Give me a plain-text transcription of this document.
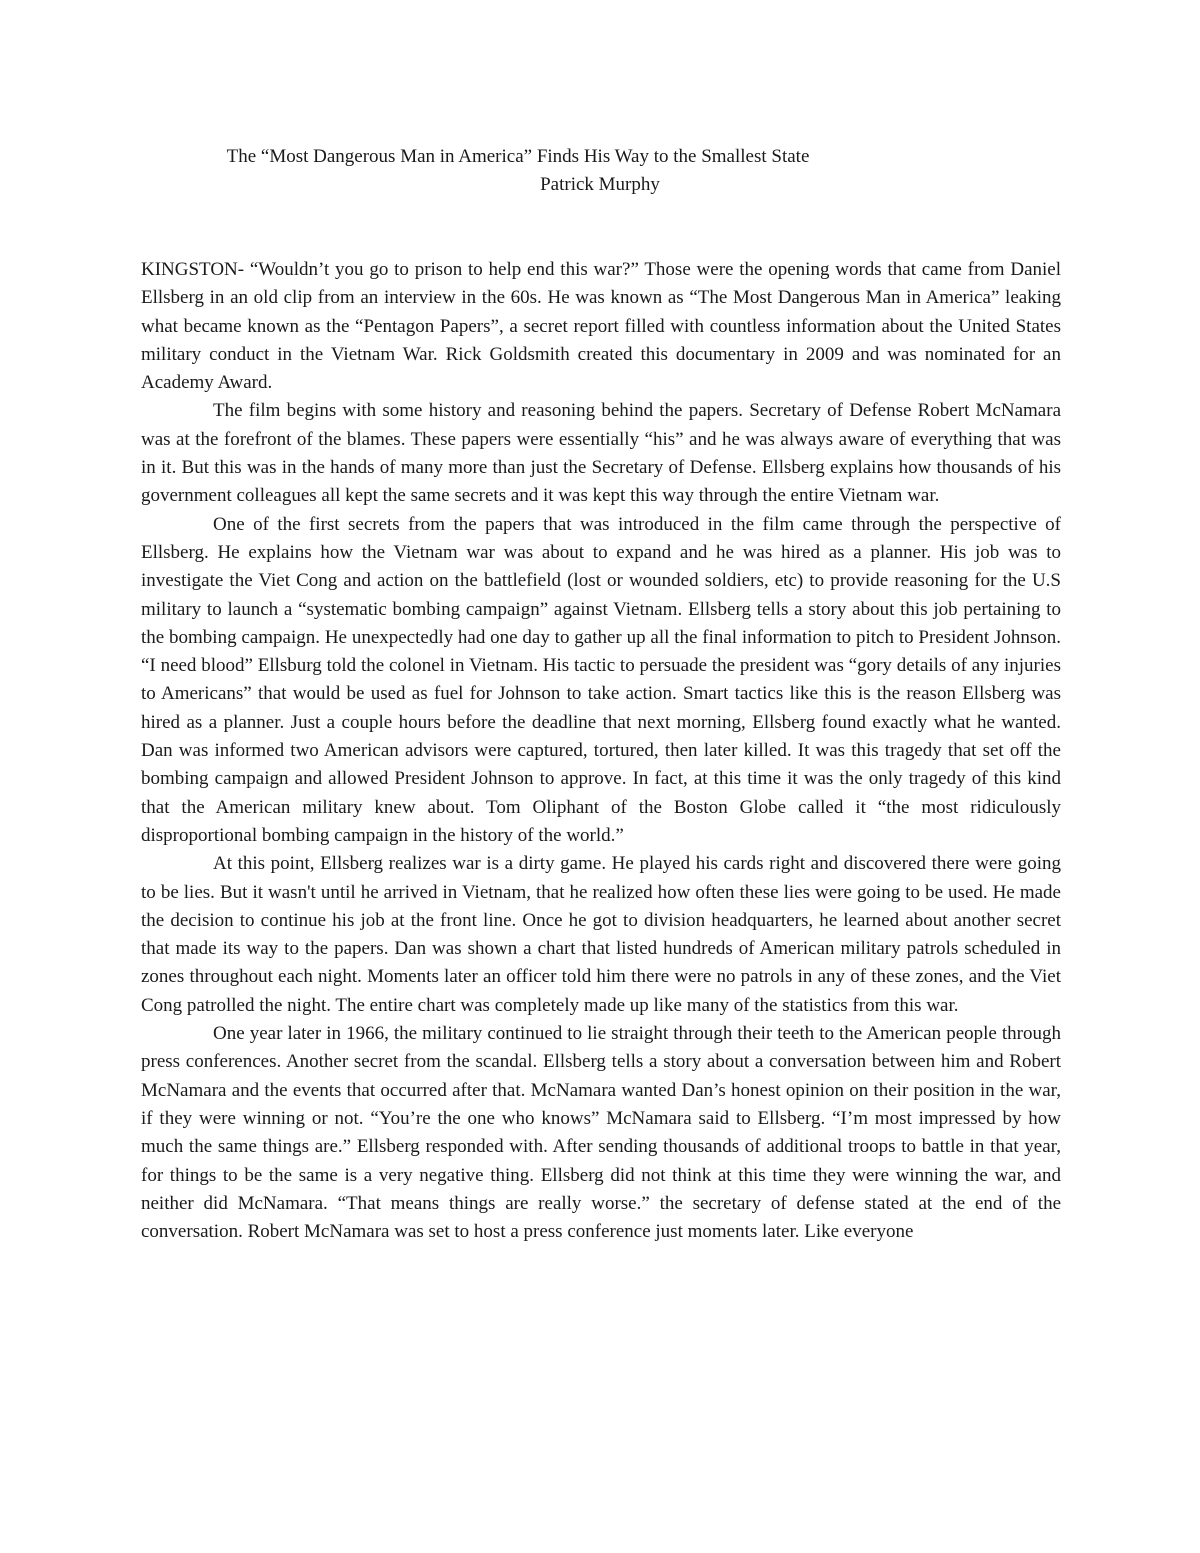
The “Most Dangerous Man in America” Finds His Way to the Smallest State
Patrick Murphy

KINGSTON- “Wouldn’t you go to prison to help end this war?” Those were the opening words that came from Daniel Ellsberg in an old clip from an interview in the 60s. He was known as “The Most Dangerous Man in America” leaking what became known as the “Pentagon Papers”, a secret report filled with countless information about the United States military conduct in the Vietnam War. Rick Goldsmith created this documentary in 2009 and was nominated for an Academy Award.

The film begins with some history and reasoning behind the papers. Secretary of Defense Robert McNamara was at the forefront of the blames. These papers were essentially “his” and he was always aware of everything that was in it. But this was in the hands of many more than just the Secretary of Defense. Ellsberg explains how thousands of his government colleagues all kept the same secrets and it was kept this way through the entire Vietnam war.

One of the first secrets from the papers that was introduced in the film came through the perspective of Ellsberg. He explains how the Vietnam war was about to expand and he was hired as a planner. His job was to investigate the Viet Cong and action on the battlefield (lost or wounded soldiers, etc) to provide reasoning for the U.S military to launch a “systematic bombing campaign” against Vietnam. Ellsberg tells a story about this job pertaining to the bombing campaign. He unexpectedly had one day to gather up all the final information to pitch to President Johnson. “I need blood” Ellsburg told the colonel in Vietnam. His tactic to persuade the president was “gory details of any injuries to Americans” that would be used as fuel for Johnson to take action. Smart tactics like this is the reason Ellsberg was hired as a planner. Just a couple hours before the deadline that next morning, Ellsberg found exactly what he wanted. Dan was informed two American advisors were captured, tortured, then later killed. It was this tragedy that set off the bombing campaign and allowed President Johnson to approve. In fact, at this time it was the only tragedy of this kind that the American military knew about. Tom Oliphant of the Boston Globe called it “the most ridiculously disproportional bombing campaign in the history of the world.”

At this point, Ellsberg realizes war is a dirty game. He played his cards right and discovered there were going to be lies. But it wasn't until he arrived in Vietnam, that he realized how often these lies were going to be used. He made the decision to continue his job at the front line. Once he got to division headquarters, he learned about another secret that made its way to the papers. Dan was shown a chart that listed hundreds of American military patrols scheduled in zones throughout each night. Moments later an officer told him there were no patrols in any of these zones, and the Viet Cong patrolled the night. The entire chart was completely made up like many of the statistics from this war.

One year later in 1966, the military continued to lie straight through their teeth to the American people through press conferences. Another secret from the scandal. Ellsberg tells a story about a conversation between him and Robert McNamara and the events that occurred after that. McNamara wanted Dan’s honest opinion on their position in the war, if they were winning or not. “You’re the one who knows” McNamara said to Ellsberg. “I’m most impressed by how much the same things are.” Ellsberg responded with. After sending thousands of additional troops to battle in that year, for things to be the same is a very negative thing. Ellsberg did not think at this time they were winning the war, and neither did McNamara. “That means things are really worse.” the secretary of defense stated at the end of the conversation. Robert McNamara was set to host a press conference just moments later. Like everyone
